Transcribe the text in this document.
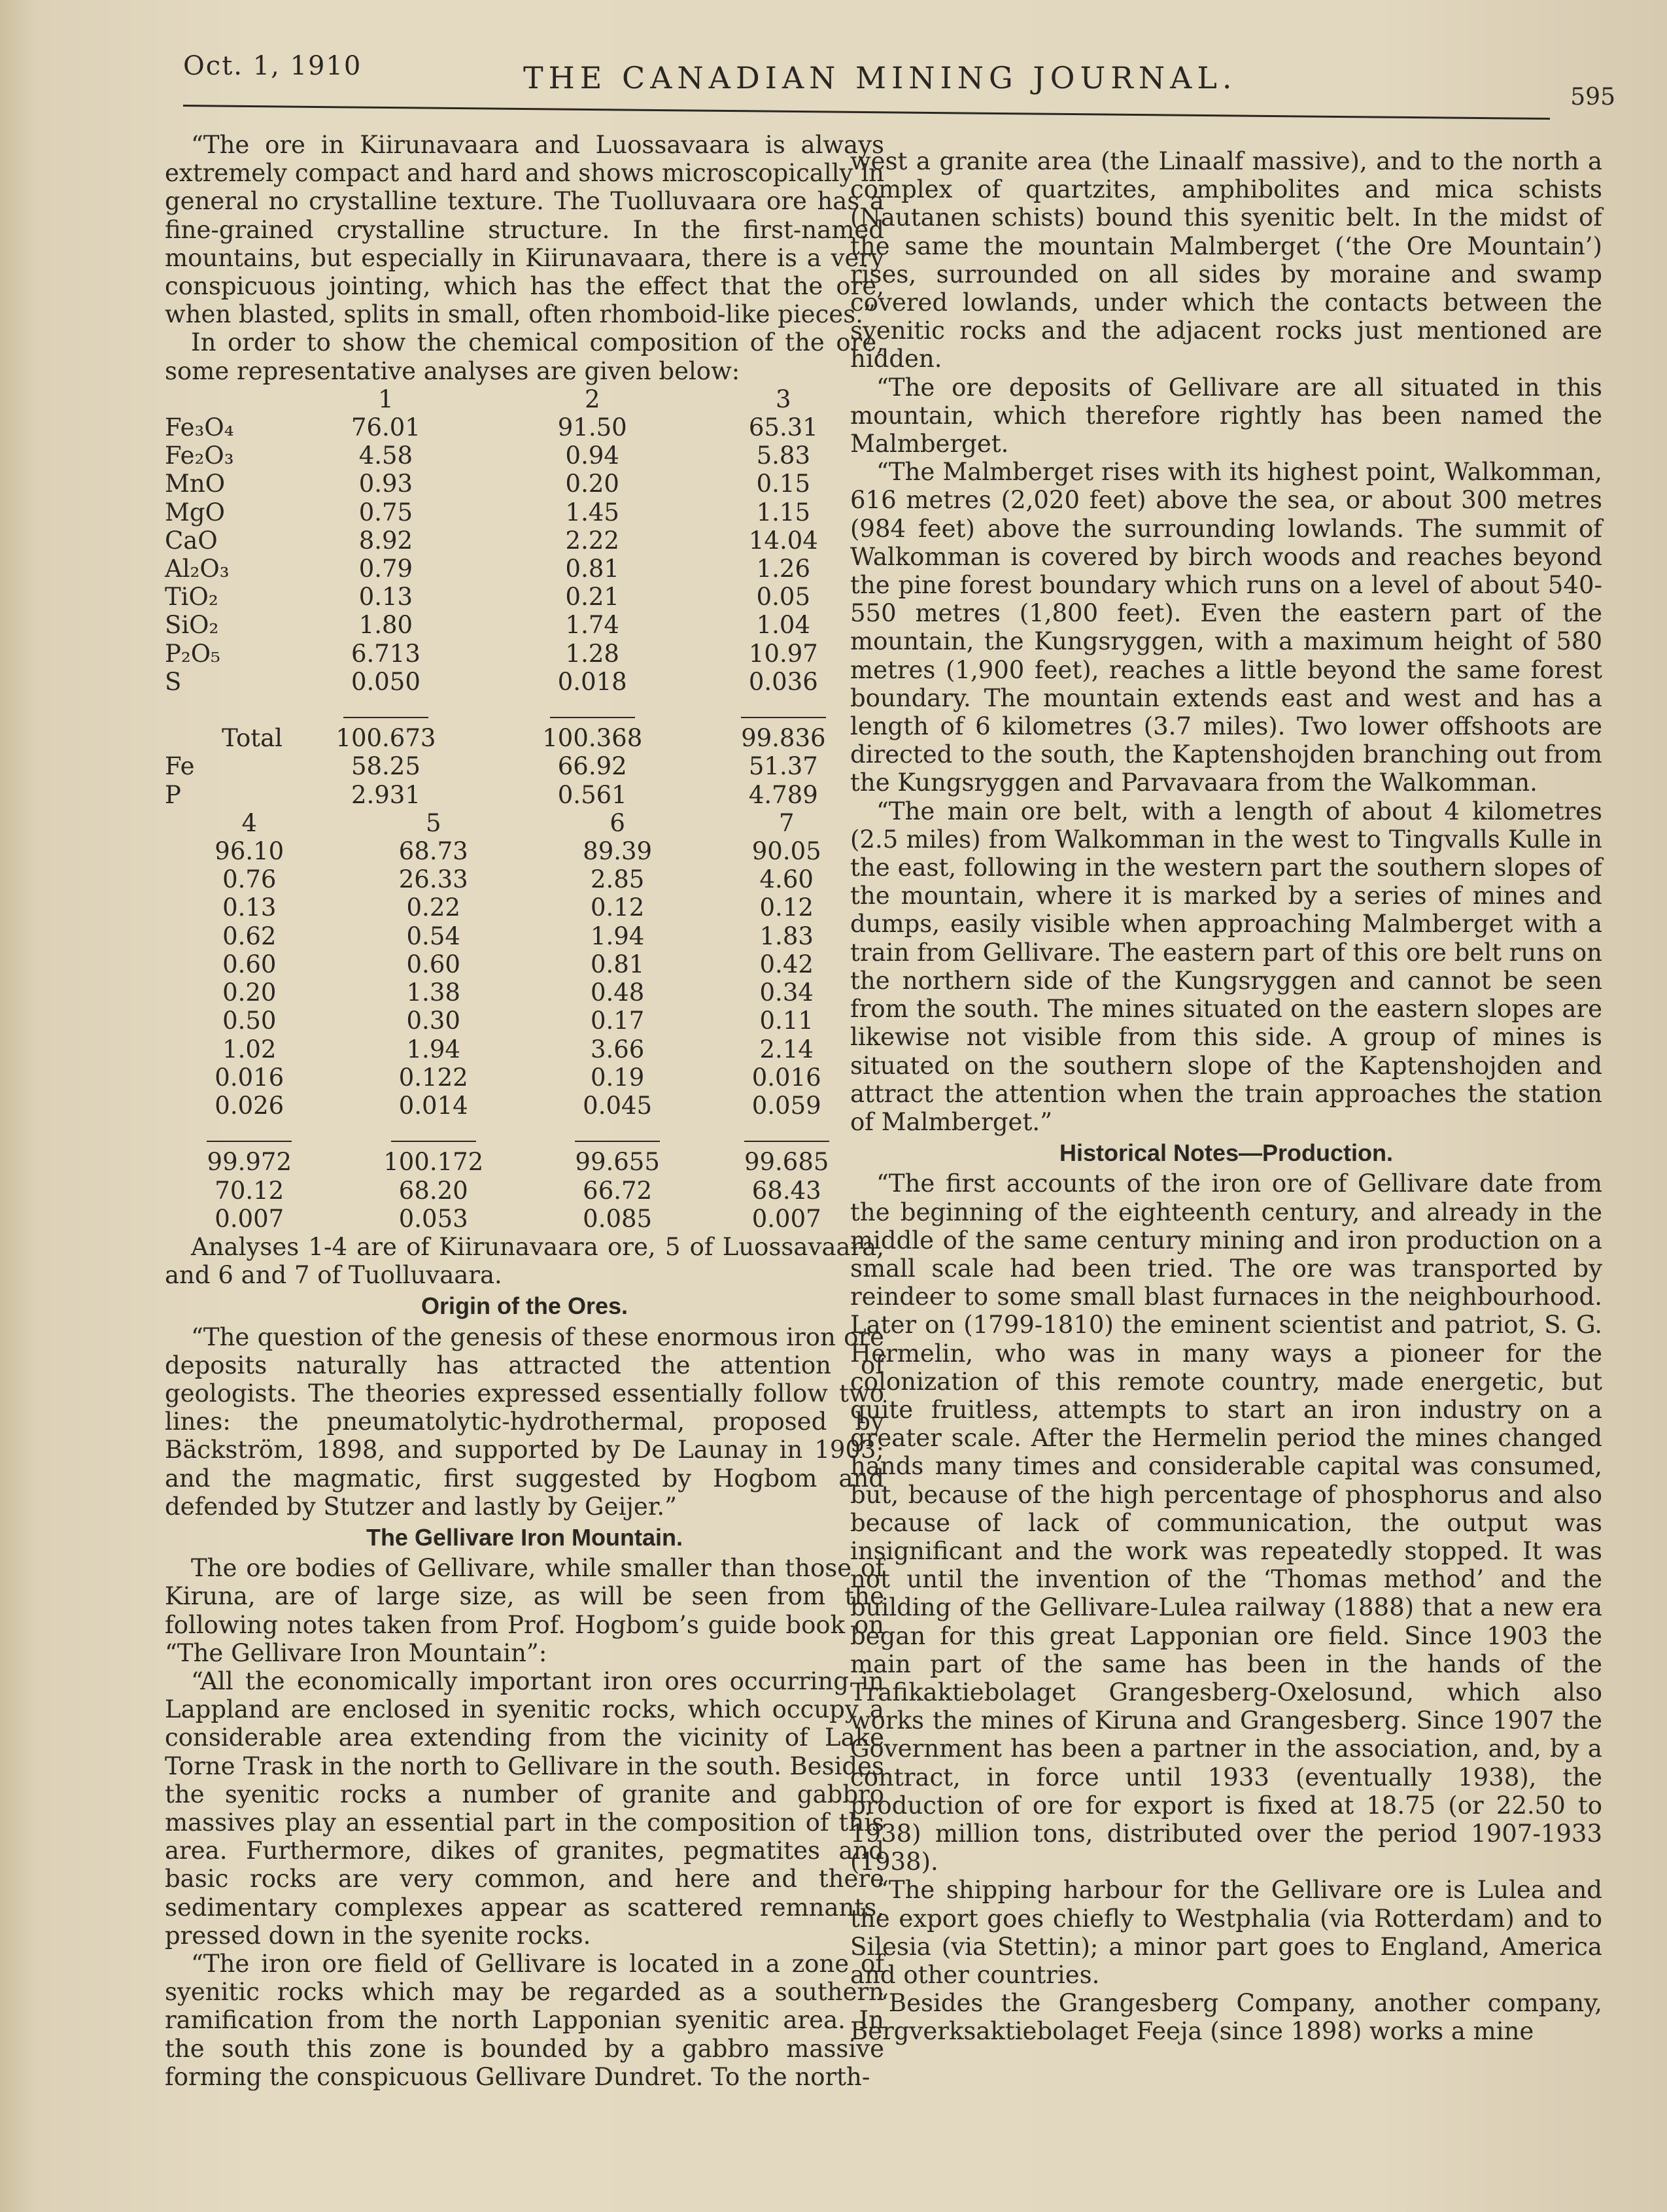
Oct. 1, 1910	THE CANADIAN MINING JOURNAL.
595

“The ore in Kiirunavaara and Luossavaara is always extremely compact and hard and shows microscopically in general no crystalline texture. The Tuolluvaara ore has a fine-grained crystalline structure. In the first-named mountains, but especially in Kiirunavaara, there is a very conspicuous jointing, which has the effect that the ore, when blasted, splits in small, often rhomboid-like pieces.”

In order to show the chemical composition of the ore, some representative analyses are given below:

	1	2	3
Fe₃O₄	76.01	91.50	65.31
Fe₂O₃	4.58	0.94	5.83
MnO	0.93	0.20	0.15
MgO	0.75	1.45	1.15
CaO	8.92	2.22	14.04
Al₂O₃	0.79	0.81	1.26
TiO₂	0.13	0.21	0.05
SiO₂	1.80	1.74	1.04
P₂O₅	6.713	1.28	10.97
S	0.050	0.018	0.036

Total	100.673	100.368	99.836
Fe	58.25	66.92	51.37
P	2.931	0.561	4.789
4	5	6	7
96.10	68.73	89.39	90.05
0.76	26.33	2.85	4.60
0.13	0.22	0.12	0.12
0.62	0.54	1.94	1.83
0.60	0.60	0.81	0.42
0.20	1.38	0.48	0.34
0.50	0.30	0.17	0.11
1.02	1.94	3.66	2.14
0.016	0.122	0.19	0.016
0.026	0.014	0.045	0.059

99.972	100.172	99.655	99.685
70.12	68.20	66.72	68.43
0.007	0.053	0.085	0.007

Analyses 1-4 are of Kiirunavaara ore, 5 of Luossavaara, and 6 and 7 of Tuolluvaara.

Origin of the Ores.

“The question of the genesis of these enormous iron ore deposits naturally has attracted the attention of geologists. The theories expressed essentially follow two lines: the pneumatolytic-hydrothermal, proposed by Bäckström, 1898, and supported by De Launay in 1903; and the magmatic, first suggested by Hogbom and defended by Stutzer and lastly by Geijer.”

The Gellivare Iron Mountain.

The ore bodies of Gellivare, while smaller than those of Kiruna, are of large size, as will be seen from the following notes taken from Prof. Hogbom’s guide book on “The Gellivare Iron Mountain”:

“All the economically important iron ores occurring in Lappland are enclosed in syenitic rocks, which occupy a considerable area extending from the vicinity of Lake Torne Trask in the north to Gellivare in the south. Besides the syenitic rocks a number of granite and gabbro massives play an essential part in the composition of this area. Furthermore, dikes of granites, pegmatites and basic rocks are very common, and here and there sedimentary complexes appear as scattered remnants, pressed down in the syenite rocks.

“The iron ore field of Gellivare is located in a zone of syenitic rocks which may be regarded as a southern ramification from the north Lapponian syenitic area. In the south this zone is bounded by a gabbro massive forming the conspicuous Gellivare Dundret. To the north-

west a granite area (the Linaalf massive), and to the north a complex of quartzites, amphibolites and mica schists (Nautanen schists) bound this syenitic belt. In the midst of the same the mountain Malmberget (‘the Ore Mountain’) rises, surrounded on all sides by moraine and swamp covered lowlands, under which the contacts between the syenitic rocks and the adjacent rocks just mentioned are hidden.

“The ore deposits of Gellivare are all situated in this mountain, which therefore rightly has been named the Malmberget.

“The Malmberget rises with its highest point, Walkomman, 616 metres (2,020 feet) above the sea, or about 300 metres (984 feet) above the surrounding lowlands. The summit of Walkomman is covered by birch woods and reaches beyond the pine forest boundary which runs on a level of about 540-550 metres (1,800 feet). Even the eastern part of the mountain, the Kungsryggen, with a maximum height of 580 metres (1,900 feet), reaches a little beyond the same forest boundary. The mountain extends east and west and has a length of 6 kilometres (3.7 miles). Two lower offshoots are directed to the south, the Kaptenshojden branching out from the Kungsryggen and Parvavaara from the Walkomman.

“The main ore belt, with a length of about 4 kilometres (2.5 miles) from Walkomman in the west to Tingvalls Kulle in the east, following in the western part the southern slopes of the mountain, where it is marked by a series of mines and dumps, easily visible when approaching Malmberget with a train from Gellivare. The eastern part of this ore belt runs on the northern side of the Kungsryggen and cannot be seen from the south. The mines situated on the eastern slopes are likewise not visible from this side. A group of mines is situated on the southern slope of the Kaptenshojden and attract the attention when the train approaches the station of Malmberget.”

Historical Notes—Production.

“The first accounts of the iron ore of Gellivare date from the beginning of the eighteenth century, and already in the middle of the same century mining and iron production on a small scale had been tried. The ore was transported by reindeer to some small blast furnaces in the neighbourhood. Later on (1799-1810) the eminent scientist and patriot, S. G. Hermelin, who was in many ways a pioneer for the colonization of this remote country, made energetic, but quite fruitless, attempts to start an iron industry on a greater scale. After the Hermelin period the mines changed hands many times and considerable capital was consumed, but, because of the high percentage of phosphorus and also because of lack of communication, the output was insignificant and the work was repeatedly stopped. It was not until the invention of the ‘Thomas method’ and the building of the Gellivare-Lulea railway (1888) that a new era began for this great Lapponian ore field. Since 1903 the main part of the same has been in the hands of the Trafikaktiebolaget Grangesberg-Oxelosund, which also works the mines of Kiruna and Grangesberg. Since 1907 the Government has been a partner in the association, and, by a contract, in force until 1933 (eventually 1938), the production of ore for export is fixed at 18.75 (or 22.50 to 1938) million tons, distributed over the period 1907-1933 (1938).

“The shipping harbour for the Gellivare ore is Lulea and the export goes chiefly to Westphalia (via Rotterdam) and to Silesia (via Stettin); a minor part goes to England, America and other countries.

“Besides the Grangesberg Company, another company, Bergverksaktiebolaget Feeja (since 1898) works a mine
